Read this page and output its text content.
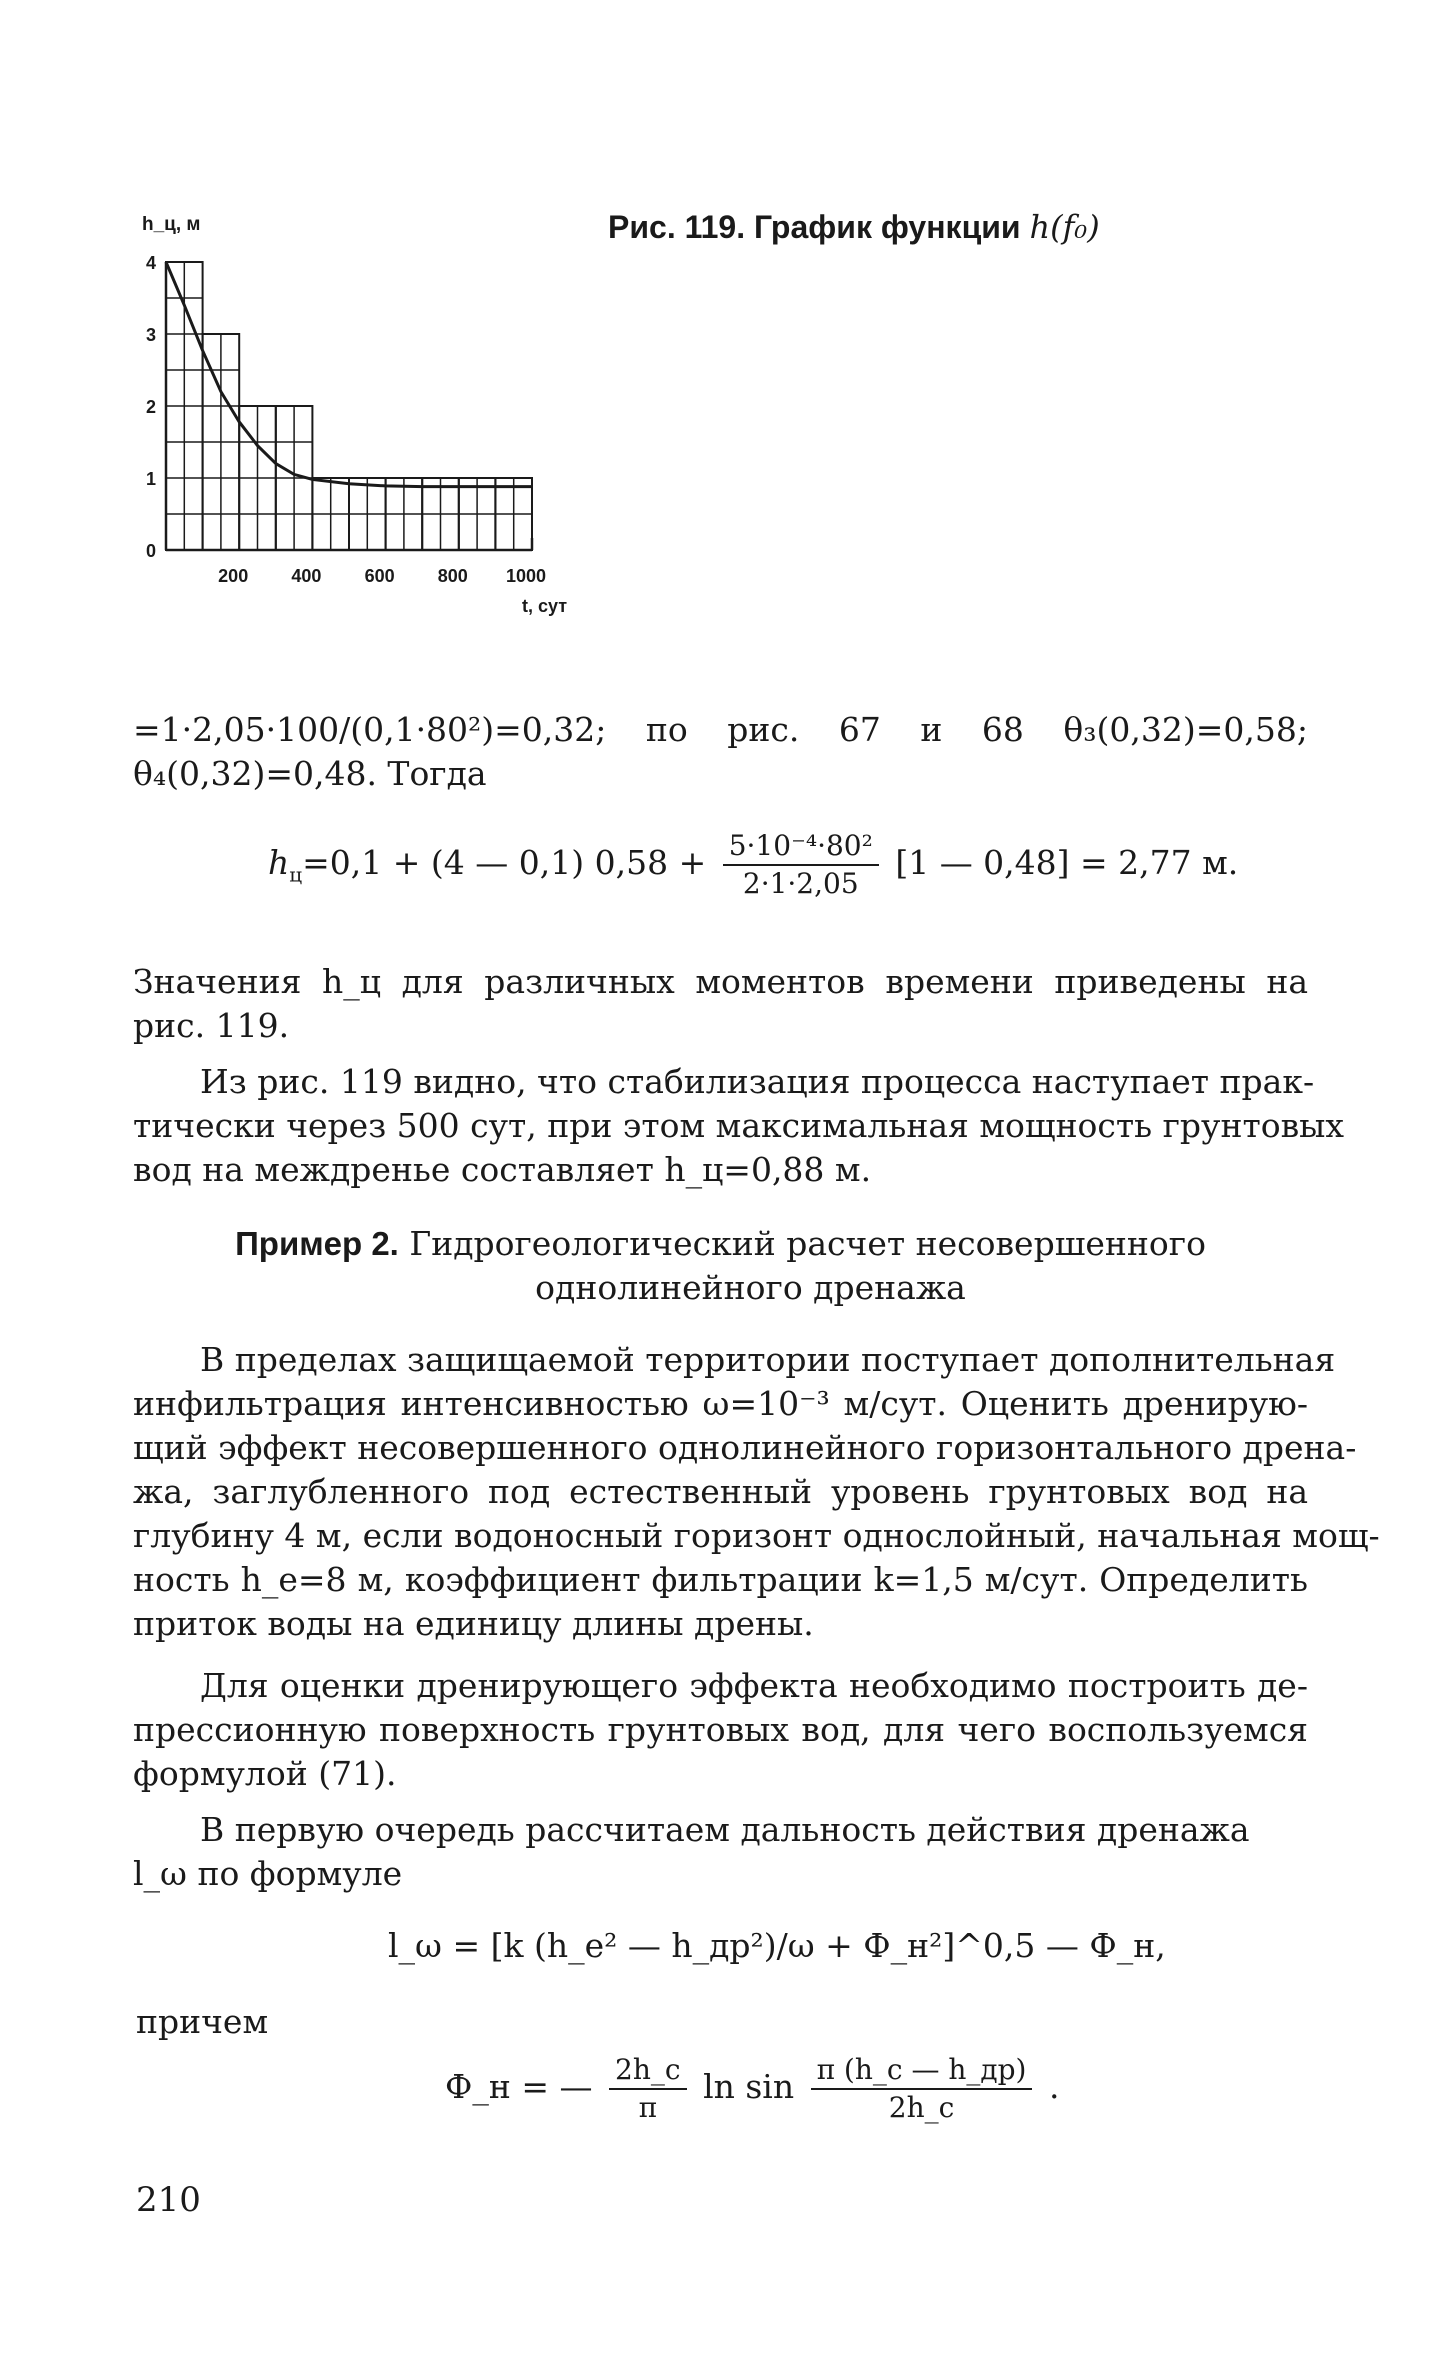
Рис. 119. График функции h(f₀)
0
1
2
3
4
200 400 600 800 1000
h_ц, м
t, сут
=1·2,05·100/(0,1·80²)=0,32; по рис. 67 и 68 θ₃(0,32)=0,58;
θ₄(0,32)=0,48. Тогда
$h_ц=0,1 + (4$ — 0,1) $0,58 + \frac{\text{5·10⁻⁴·80²}}{2\cdot 1\cdot 2,05} [1$ — 0,48] = 2,77 м.
Значения h_ц для различных моментов времени приведены на
рис. 119.
Из рис. 119 видно, что стабилизация процесса наступает прак-
тически через 500 сут, при этом максимальная мощность грунтовых
вод на междренье составляет h_ц=0,88 м.
Пример 2. Гидрогеологический расчет несовершенного
однолинейного дренажа
В пределах защищаемой территории поступает дополнительная
инфильтрация интенсивностью ω=10⁻³ м/сут. Оценить дренирую-
щий эффект несовершенного однолинейного горизонтального дрена-
жа, заглубленного под естественный уровень грунтовых вод на
глубину 4 м, если водоносный горизонт однослойный, начальная мощ-
ность h_e=8 м, коэффициент фильтрации k=1,5 м/сут. Определить
приток воды на единицу длины дрены.
Для оценки дренирующего эффекта необходимо построить де-
прессионную поверхность грунтовых вод, для чего воспользуемся
формулой (71).
В первую очередь рассчитаем дальность действия дренажа
l_ω по формуле
l_ω = [k (h_e² — h_др²)/ω + Ф_н²]^0,5 — Ф_н,
причем
Ф_н = — $\frac{2h\_c}{\pi}$ $\ln \sin \frac{\pi (h\_c — h\_др)}{2h\_c}$ .
210
